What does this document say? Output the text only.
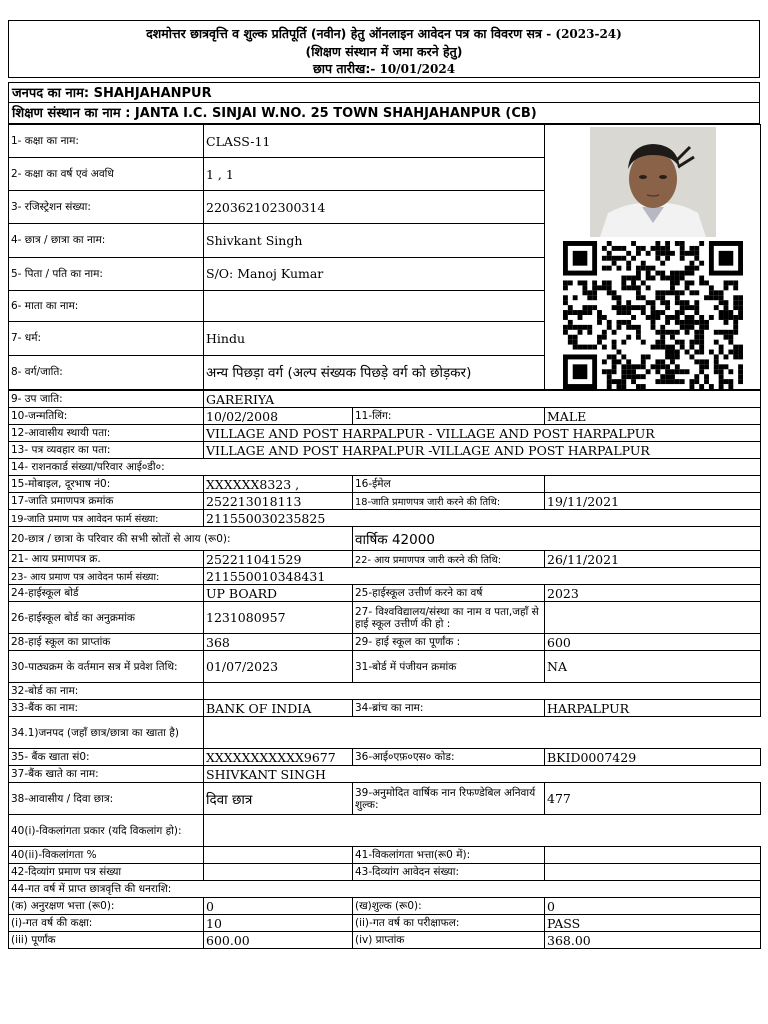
दशमोत्तर छात्रवृत्ति व शुल्क प्रतिपूर्ति (नवीन) हेतु ऑनलाइन आवेदन पत्र का विवरण सत्र - (2023-24)
(शिक्षण संस्थान में जमा करने हेतु)
छाप तारीख:- 10/01/2024
जनपद का नाम: SHAHJAHANPUR
शिक्षण संस्थान का नाम : JANTA I.C. SINJAI W.NO. 25 TOWN SHAHJAHANPUR (CB)
1- कक्षा का नाम:	CLASS-11	

2- कक्षा का वर्ष एवं अवधि	1 , 1	
3- रजिस्ट्रेशन संख्या:	220362102300314	
4- छात्र / छात्रा का नाम:	Shivkant Singh	
5- पिता / पति का नाम:	S/O: Manoj Kumar	
6- माता का नाम:		
7- धर्म:	Hindu	
8- वर्ग/जाति:	अन्य पिछड़ा वर्ग (अल्प संख्यक पिछड़े वर्ग को छोड़कर)	
9- उप जाति:	GARERIYA		
10-जन्मतिथि:	10/02/2008	11-लिंग:	MALE
12-आवासीय स्थायी पता:	VILLAGE AND POST HARPALPUR - VILLAGE AND POST HARPALPUR		
13- पत्र व्यवहार का पता:	VILLAGE AND POST HARPALPUR -VILLAGE AND POST HARPALPUR		
14- राशनकार्ड संख्या/परिवार आई०डी०:			
15-मोबाइल, दूरभाष नं0:	XXXXXX8323 ,	16-ईमेल	
17-जाति प्रमाणपत्र क्रमांक	252213018113	18-जाति प्रमाणपत्र जारी करने की तिथि:	19/11/2021
19-जाति प्रमाण पत्र आवेदन फार्म संख्या:	211550030235825		
20-छात्र / छात्रा के परिवार की सभी स्रोतों से आय (रू0):		वार्षिक 42000	
21- आय प्रमाणपत्र क्र.	252211041529	22- आय प्रमाणपत्र जारी करने की तिथि:	26/11/2021
23- आय प्रमाण पत्र आवेदन फार्म संख्या:	211550010348431		
24-हाईस्कूल बोर्ड	UP BOARD	25-हाईस्कूल उत्तीर्ण करने का वर्ष	2023
26-हाईस्कूल बोर्ड का अनुक्रमांक	1231080957	27- विश्वविद्यालय/संस्था का नाम व पता,जहाँ से हाई स्कूल उत्तीर्ण की हो :	
28-हाई स्कूल का प्राप्तांक	368	29- हाई स्कूल का पूर्णांक :	600
30-पाठ्यक्रम के वर्तमान सत्र में प्रवेश तिथि:	01/07/2023	31-बोर्ड में पंजीयन क्रमांक	NA
32-बोर्ड का नाम:			
33-बैंक का नाम:	BANK OF INDIA	34-ब्रांच का नाम:	HARPALPUR
34.1)जनपद (जहाँ छात्र/छात्रा का खाता है)			
35- बैंक खाता सं0:	XXXXXXXXXXX9677	36-आई०एफ़०एस० कोड:	BKID0007429
37-बैंक खाते का नाम:	SHIVKANT SINGH		
38-आवासीय / दिवा छात्र:	दिवा छात्र	39-अनुमोदित वार्षिक नान रिफण्डेबिल अनिवार्य शुल्क:	477
40(i)-विकलांगता प्रकार (यदि विकलांग हो):			
40(ii)-विकलांगता %		41-विकलांगता भत्ता(रू0 में):	
42-दिव्यांग प्रमाण पत्र संख्या		43-दिव्यांग आवेदन संख्या:	
44-गत वर्ष में प्राप्त छात्रवृत्ति की धनराशि:			
(क) अनुरक्षण भत्ता (रू0):	0	(ख)शुल्क (रू0):	0
(i)-गत वर्ष की कक्षा:	10	(ii)-गत वर्ष का परीक्षाफल:	PASS
(iii) पूर्णांक	600.00	(iv) प्राप्तांक	368.00
